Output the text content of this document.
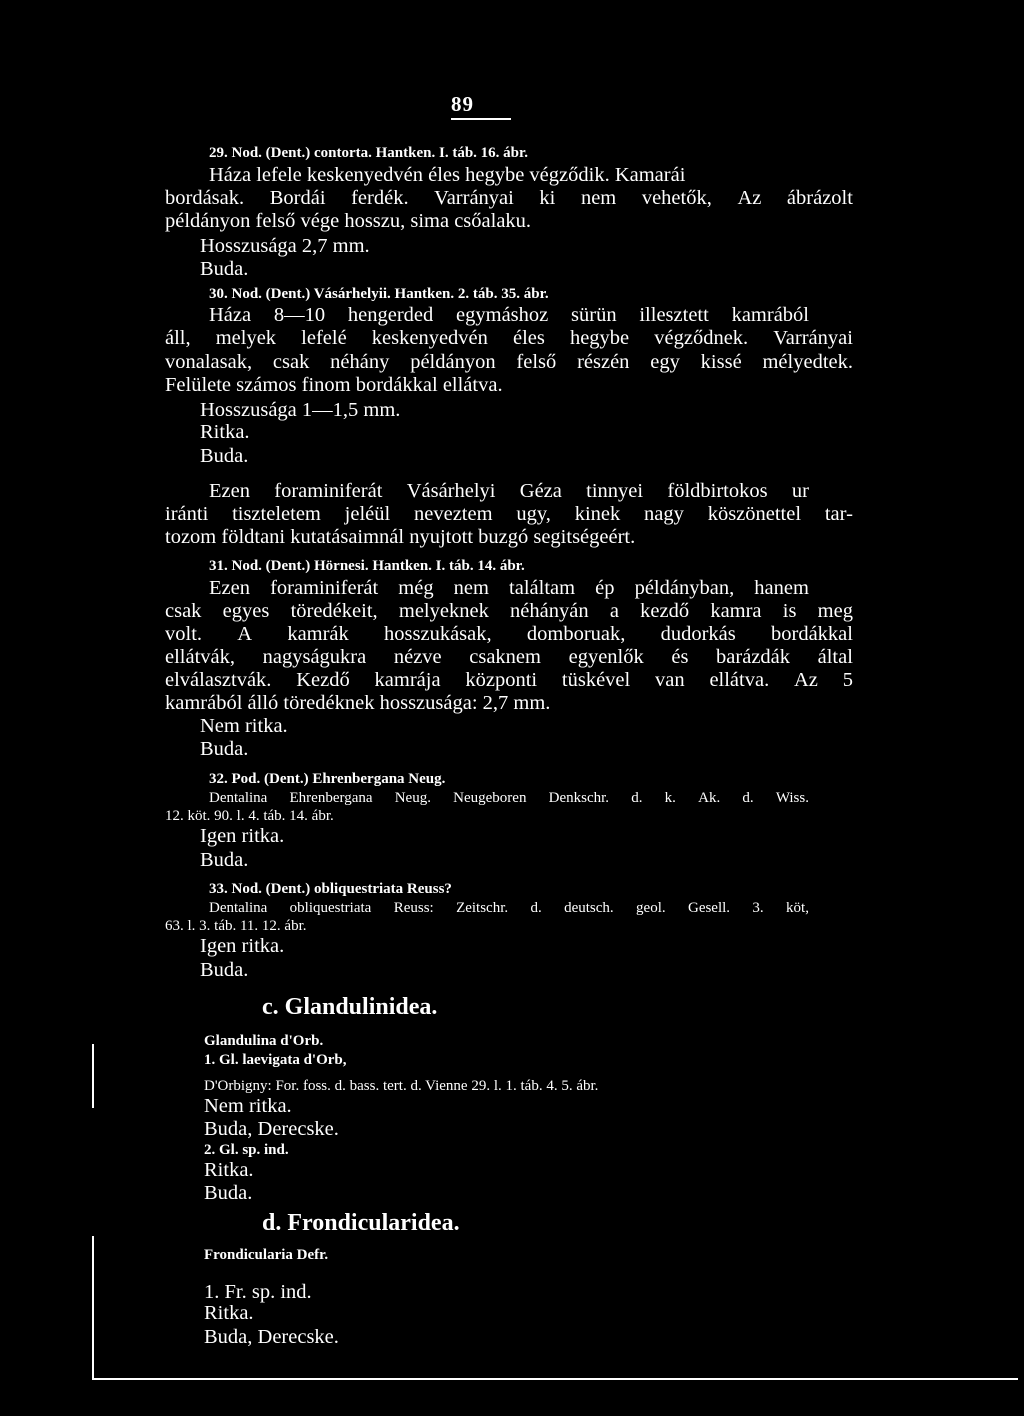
89
29. Nod. (Dent.) contorta. Hantken. I. táb. 16. ábr.
Háza lefele keskenyedvén éles hegybe végződik. Kamarái
bordásak. Bordái ferdék. Varrányai ki nem vehetők, Az ábrázolt
példányon felső vége hosszu, sima csőalaku.
Hosszusága 2,7 mm.
Buda.
30. Nod. (Dent.) Vásárhelyii. Hantken. 2. táb. 35. ábr.
Háza 8—10 hengerded egymáshoz sürün illesztett kamrából
áll, melyek lefelé keskenyedvén éles hegybe végződnek. Varrányai
vonalasak, csak néhány példányon felső részén egy kissé mélyedtek.
Felülete számos finom bordákkal ellátva.
Hosszusága 1—1,5 mm.
Ritka.
Buda.
Ezen foraminiferát Vásárhelyi Géza tinnyei földbirtokos ur
iránti tiszteletem jeléül neveztem ugy, kinek nagy köszönettel tar-
tozom földtani kutatásaimnál nyujtott buzgó segitségeért.
31. Nod. (Dent.) Hörnesi. Hantken. I. táb. 14. ábr.
Ezen foraminiferát még nem találtam ép példányban, hanem
csak egyes töredékeit, melyeknek néhányán a kezdő kamra is meg
volt. A kamrák hosszukásak, domboruak, dudorkás bordákkal
ellátvák, nagyságukra nézve csaknem egyenlők és barázdák által
elválasztvák. Kezdő kamrája központi tüskével van ellátva. Az 5
kamrából álló töredéknek hosszusága: 2,7 mm.
Nem ritka.
Buda.
32. Pod. (Dent.) Ehrenbergana Neug.
Dentalina Ehrenbergana Neug. Neugeboren Denkschr. d. k. Ak. d. Wiss.
12. köt. 90. l. 4. táb. 14. ábr.
Igen ritka.
Buda.
33. Nod. (Dent.) obliquestriata Reuss?
Dentalina obliquestriata Reuss: Zeitschr. d. deutsch. geol. Gesell. 3. köt,
63. l. 3. táb. 11. 12. ábr.
Igen ritka.
Buda.
c. Glandulinidea.
Glandulina d'Orb.
1. Gl. laevigata d'Orb,
D'Orbigny: For. foss. d. bass. tert. d. Vienne 29. l. 1. táb. 4. 5. ábr.
Nem ritka.
Buda, Derecske.
2. Gl. sp. ind.
Ritka.
Buda.
d. Frondicularidea.
Frondicularia Defr.
1. Fr. sp. ind.
Ritka.
Buda, Derecske.
